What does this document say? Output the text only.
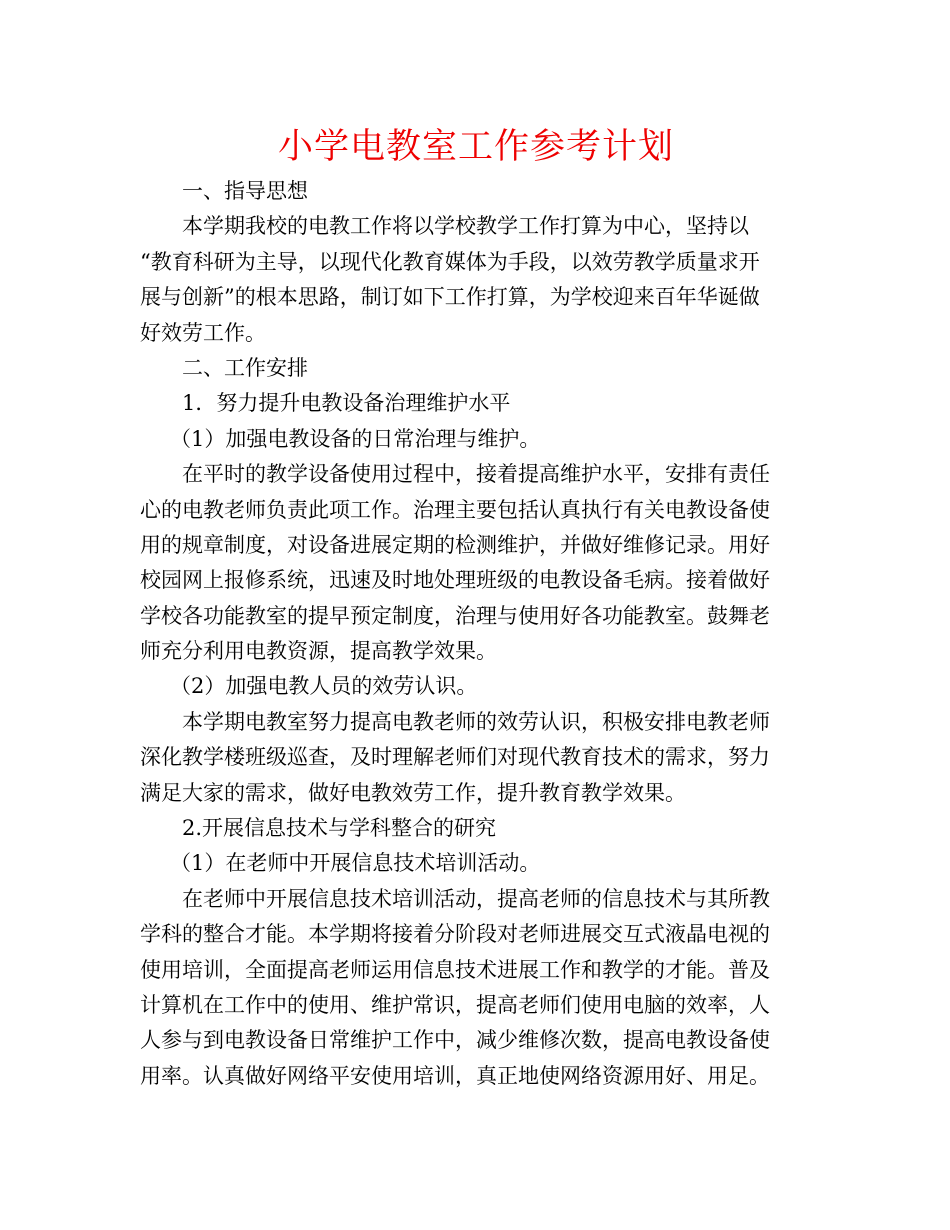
小学电教室工作参考计划

一、指导思想

本学期我校的电教工作将以学校教学工作打算为中心，坚持以

“教育科研为主导，以现代化教育媒体为手段，以效劳教学质量求开

展与创新”的根本思路，制订如下工作打算，为学校迎来百年华诞做

好效劳工作。

二、工作安排

1．努力提升电教设备治理维护水平

（1）加强电教设备的日常治理与维护。

在平时的教学设备使用过程中，接着提高维护水平，安排有责任

心的电教老师负责此项工作。治理主要包括认真执行有关电教设备使

用的规章制度，对设备进展定期的检测维护，并做好维修记录。用好

校园网上报修系统，迅速及时地处理班级的电教设备毛病。接着做好

学校各功能教室的提早预定制度，治理与使用好各功能教室。鼓舞老

师充分利用电教资源，提高教学效果。

（2）加强电教人员的效劳认识。

本学期电教室努力提高电教老师的效劳认识，积极安排电教老师

深化教学楼班级巡查，及时理解老师们对现代教育技术的需求，努力

满足大家的需求，做好电教效劳工作，提升教育教学效果。

2.开展信息技术与学科整合的研究

（1）在老师中开展信息技术培训活动。

在老师中开展信息技术培训活动，提高老师的信息技术与其所教

学科的整合才能。本学期将接着分阶段对老师进展交互式液晶电视的

使用培训，全面提高老师运用信息技术进展工作和教学的才能。普及

计算机在工作中的使用、维护常识，提高老师们使用电脑的效率，人

人参与到电教设备日常维护工作中，减少维修次数，提高电教设备使

用率。认真做好网络平安使用培训，真正地使网络资源用好、用足。
